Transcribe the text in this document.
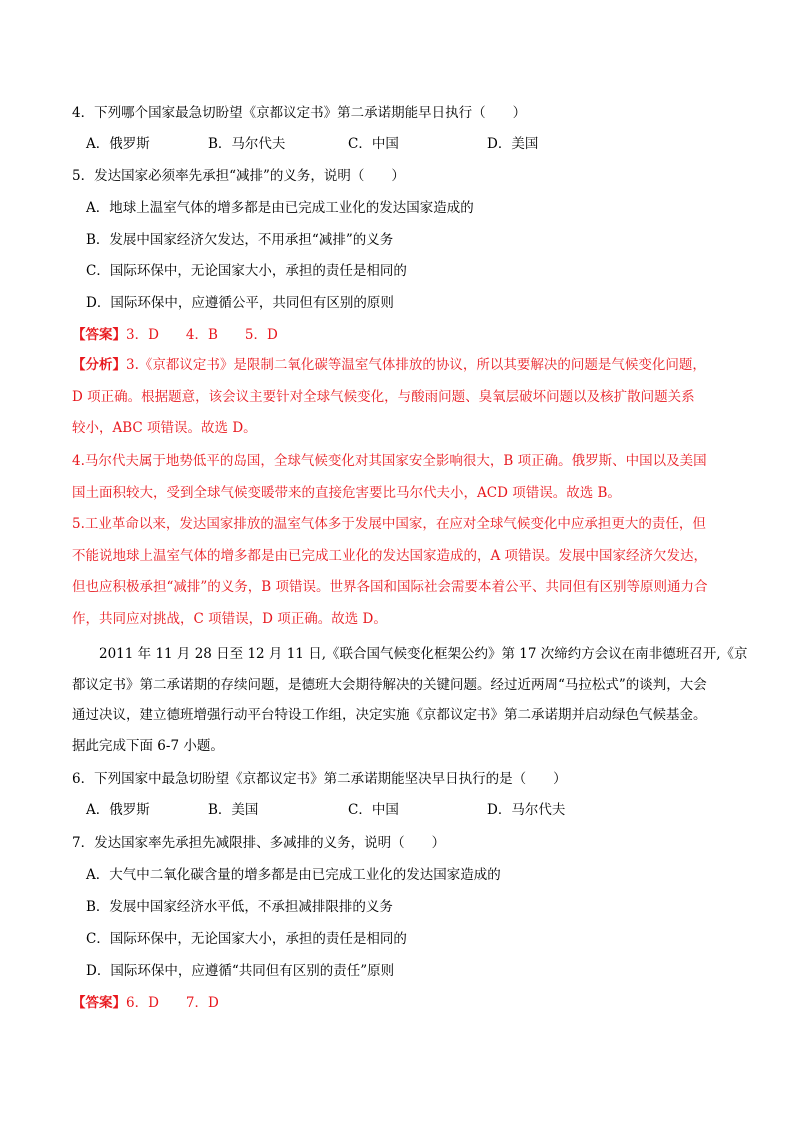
4．下列哪个国家最急切盼望《京都议定书》第二承诺期能早日执行（　　）
A．俄罗斯	B．马尔代夫	C．中国	D．美国
5．发达国家必须率先承担“减排”的义务，说明（　　）
A．地球上温室气体的增多都是由已完成工业化的发达国家造成的
B．发展中国家经济欠发达，不用承担“减排”的义务
C．国际环保中，无论国家大小，承担的责任是相同的
D．国际环保中，应遵循公平，共同但有区别的原则
【答案】3．D　　4．B　　5．D
【分析】3.《京都议定书》是限制二氧化碳等温室气体排放的协议，所以其要解决的问题是气候变化问题，
D 项正确。根据题意，该会议主要针对全球气候变化，与酸雨问题、臭氧层破坏问题以及核扩散问题关系
较小，ABC 项错误。故选 D。
4.马尔代夫属于地势低平的岛国，全球气候变化对其国家安全影响很大，B 项正确。俄罗斯、中国以及美国
国土面积较大，受到全球气候变暖带来的直接危害要比马尔代夫小，ACD 项错误。故选 B。
5.工业革命以来，发达国家排放的温室气体多于发展中国家，在应对全球气候变化中应承担更大的责任，但
不能说地球上温室气体的增多都是由已完成工业化的发达国家造成的，A 项错误。发展中国家经济欠发达，
但也应积极承担“减排”的义务，B 项错误。世界各国和国际社会需要本着公平、共同但有区别等原则通力合
作，共同应对挑战，C 项错误，D 项正确。故选 D。
　　2011 年 11 月 28 日至 12 月 11 日,《联合国气候变化框架公约》第 17 次缔约方会议在南非德班召开,《京
都议定书》第二承诺期的存续问题，是德班大会期待解决的关键问题。经过近两周“马拉松式”的谈判，大会
通过决议，建立德班增强行动平台特设工作组，决定实施《京都议定书》第二承诺期并启动绿色气候基金。
据此完成下面 6-7 小题。
6．下列国家中最急切盼望《京都议定书》第二承诺期能坚决早日执行的是（　　）
A．俄罗斯	B．美国	C．中国	D．马尔代夫
7．发达国家率先承担先减限排、多减排的义务，说明（　　）
A．大气中二氧化碳含量的增多都是由已完成工业化的发达国家造成的
B．发展中国家经济水平低，不承担减排限排的义务
C．国际环保中，无论国家大小，承担的责任是相同的
D．国际环保中，应遵循“共同但有区别的责任”原则
【答案】6．D　　7．D
